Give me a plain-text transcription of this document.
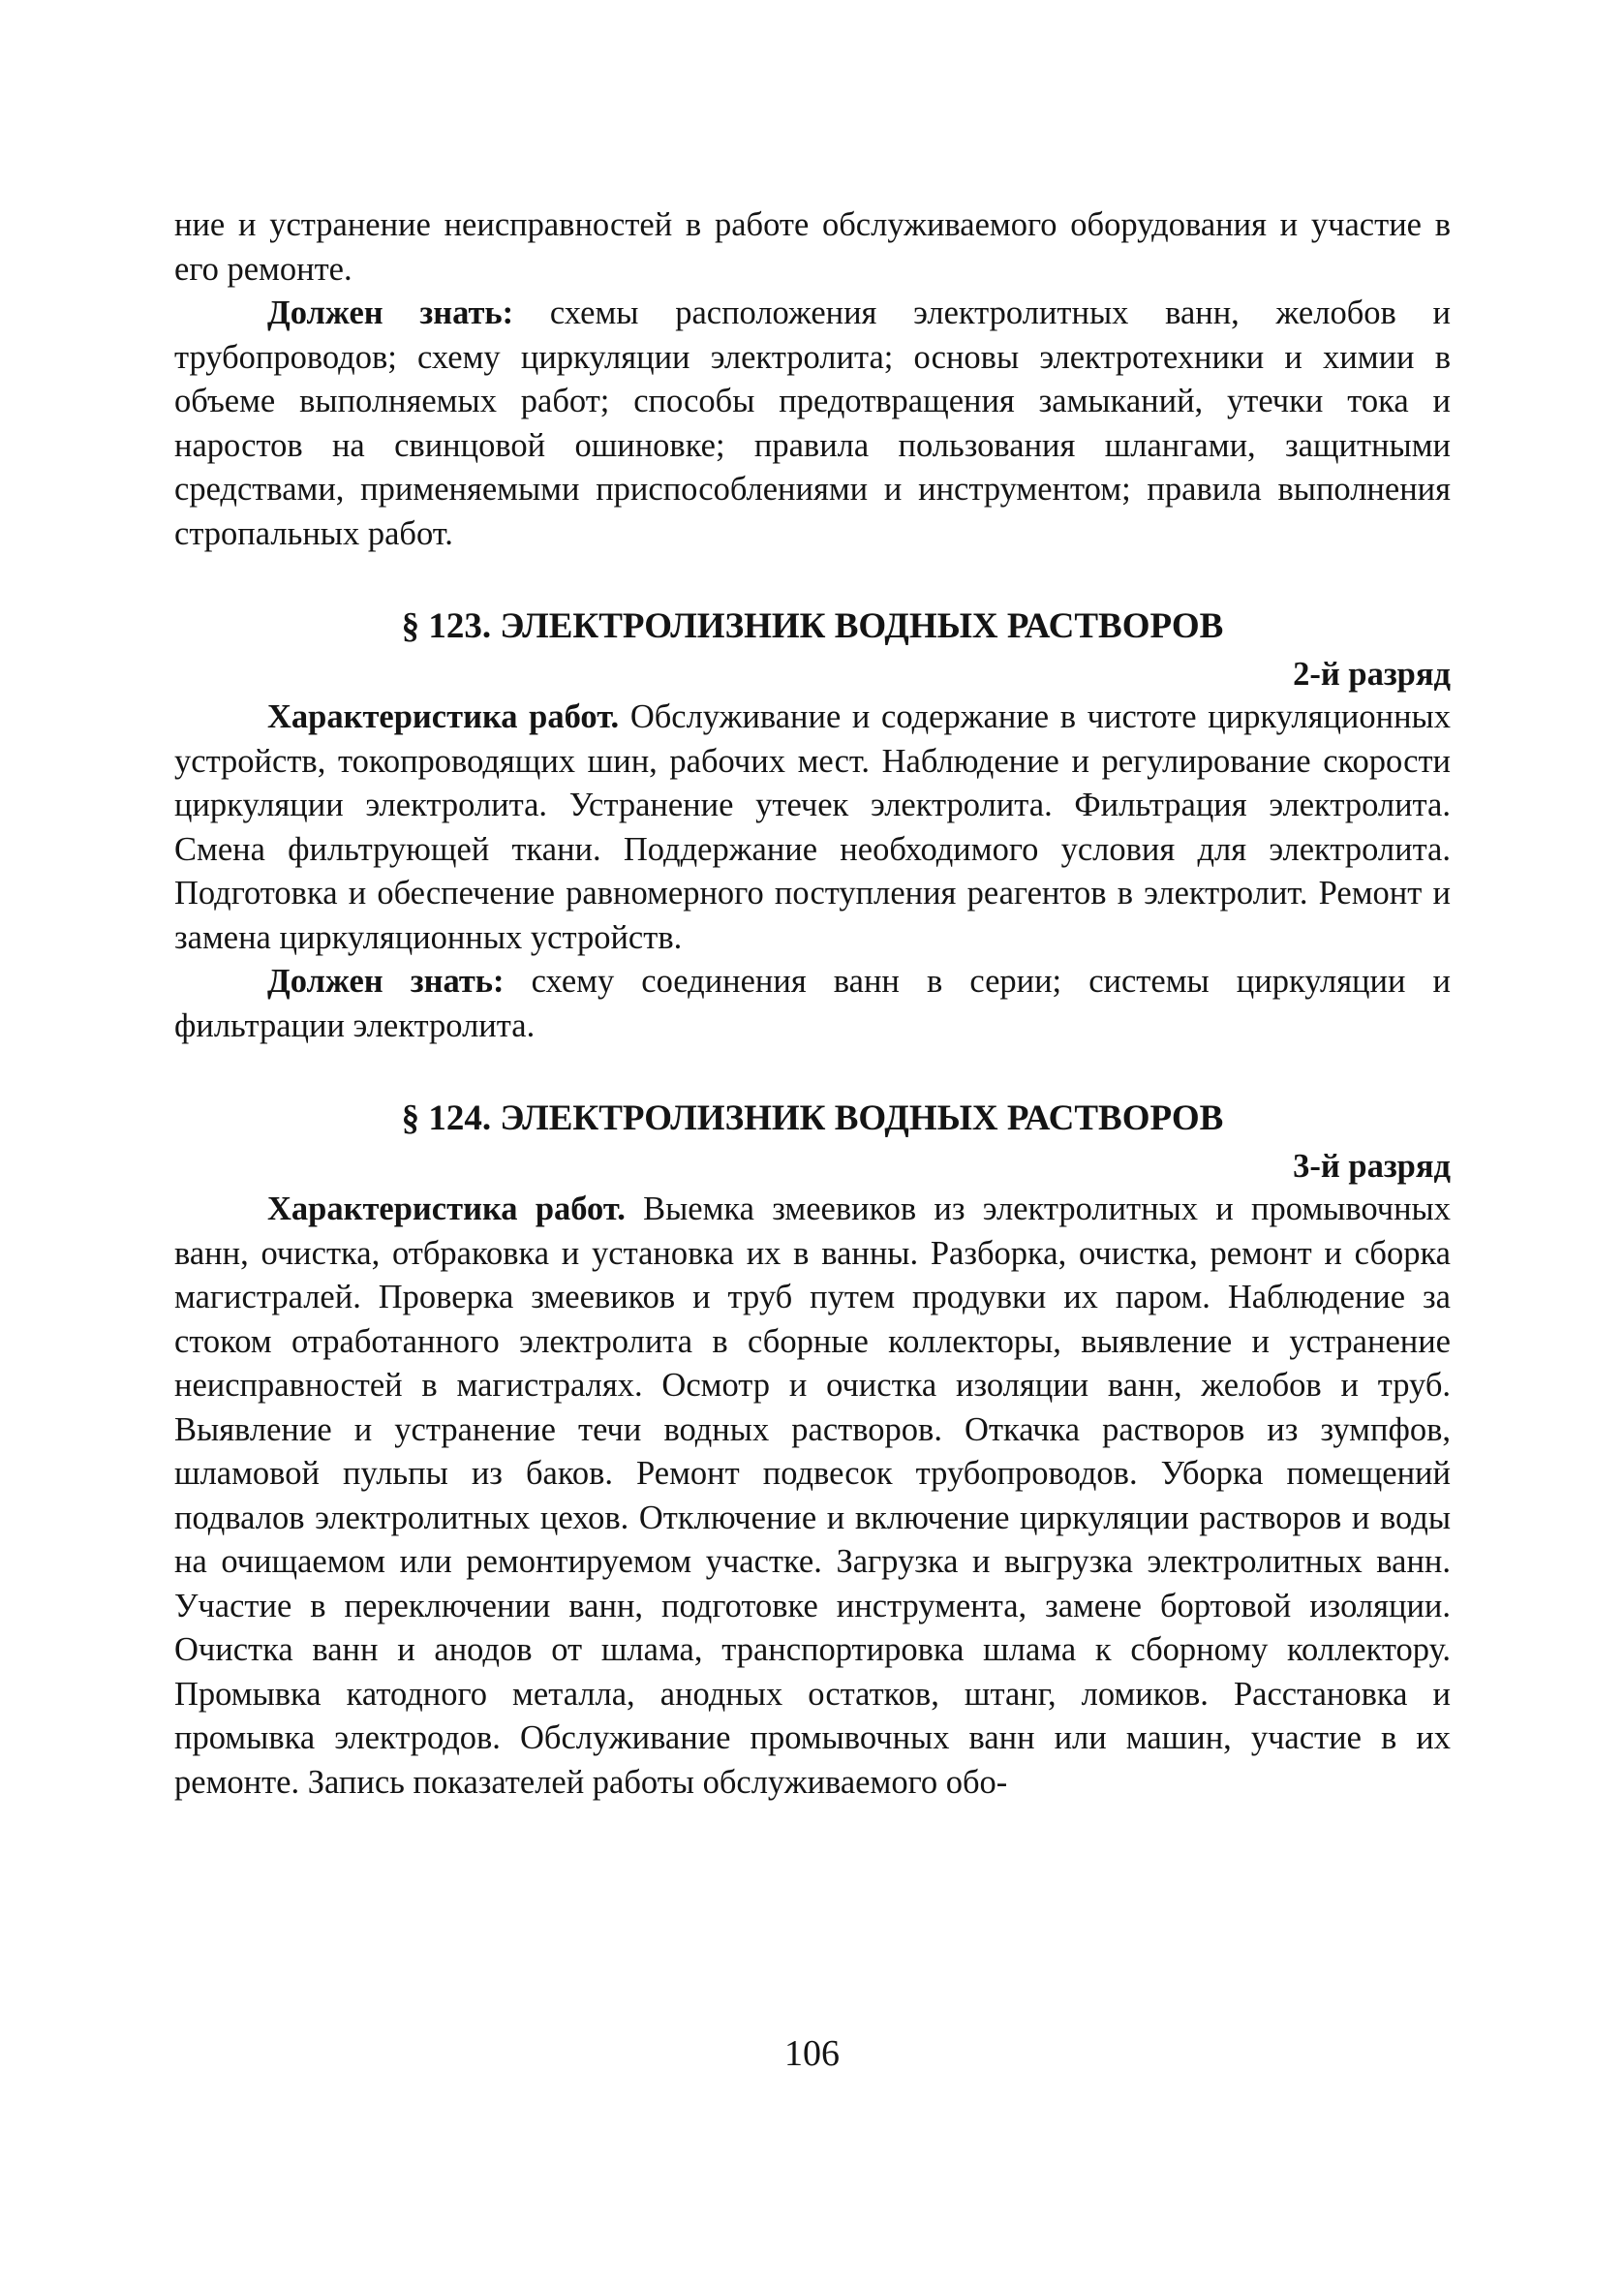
ние и устранение неисправностей в работе обслуживаемого оборудования и участие в его ремонте.

Должен знать: схемы расположения электролитных ванн, желобов и трубопроводов; схему циркуляции электролита; основы электротехники и химии в объеме выполняемых работ; способы предотвращения замыканий, утечки тока и наростов на свинцовой ошиновке; правила пользования шлангами, защитными средствами, применяемыми приспособлениями и инструментом; правила выполнения стропальных работ.

§ 123. ЭЛЕКТРОЛИЗНИК ВОДНЫХ РАСТВОРОВ
2-й разряд

Характеристика работ. Обслуживание и содержание в чистоте циркуляционных устройств, токопроводящих шин, рабочих мест. Наблюдение и регулирование скорости циркуляции электролита. Устранение утечек электролита. Фильтрация электролита. Смена фильтрующей ткани. Поддержание необходимого условия для электролита. Подготовка и обеспечение равномерного поступления реагентов в электролит. Ремонт и замена циркуляционных устройств.

Должен знать: схему соединения ванн в серии; системы циркуляции и фильтрации электролита.

§ 124. ЭЛЕКТРОЛИЗНИК ВОДНЫХ РАСТВОРОВ
3-й разряд

Характеристика работ. Выемка змеевиков из электролитных и промывочных ванн, очистка, отбраковка и установка их в ванны. Разборка, очистка, ремонт и сборка магистралей. Проверка змеевиков и труб путем продувки их паром. Наблюдение за стоком отработанного электролита в сборные коллекторы, выявление и устранение неисправностей в магистралях. Осмотр и очистка изоляции ванн, желобов и труб. Выявление и устранение течи водных растворов. Откачка растворов из зумпфов, шламовой пульпы из баков. Ремонт подвесок трубопроводов. Уборка помещений подвалов электролитных цехов. Отключение и включение циркуляции растворов и воды на очищаемом или ремонтируемом участке. Загрузка и выгрузка электролитных ванн. Участие в переключении ванн, подготовке инструмента, замене бортовой изоляции. Очистка ванн и анодов от шлама, транспортировка шлама к сборному коллектору. Промывка катодного металла, анодных остатков, штанг, ломиков. Расстановка и промывка электродов. Обслуживание промывочных ванн или машин, участие в их ремонте. Запись показателей работы обслуживаемого обо-

106
